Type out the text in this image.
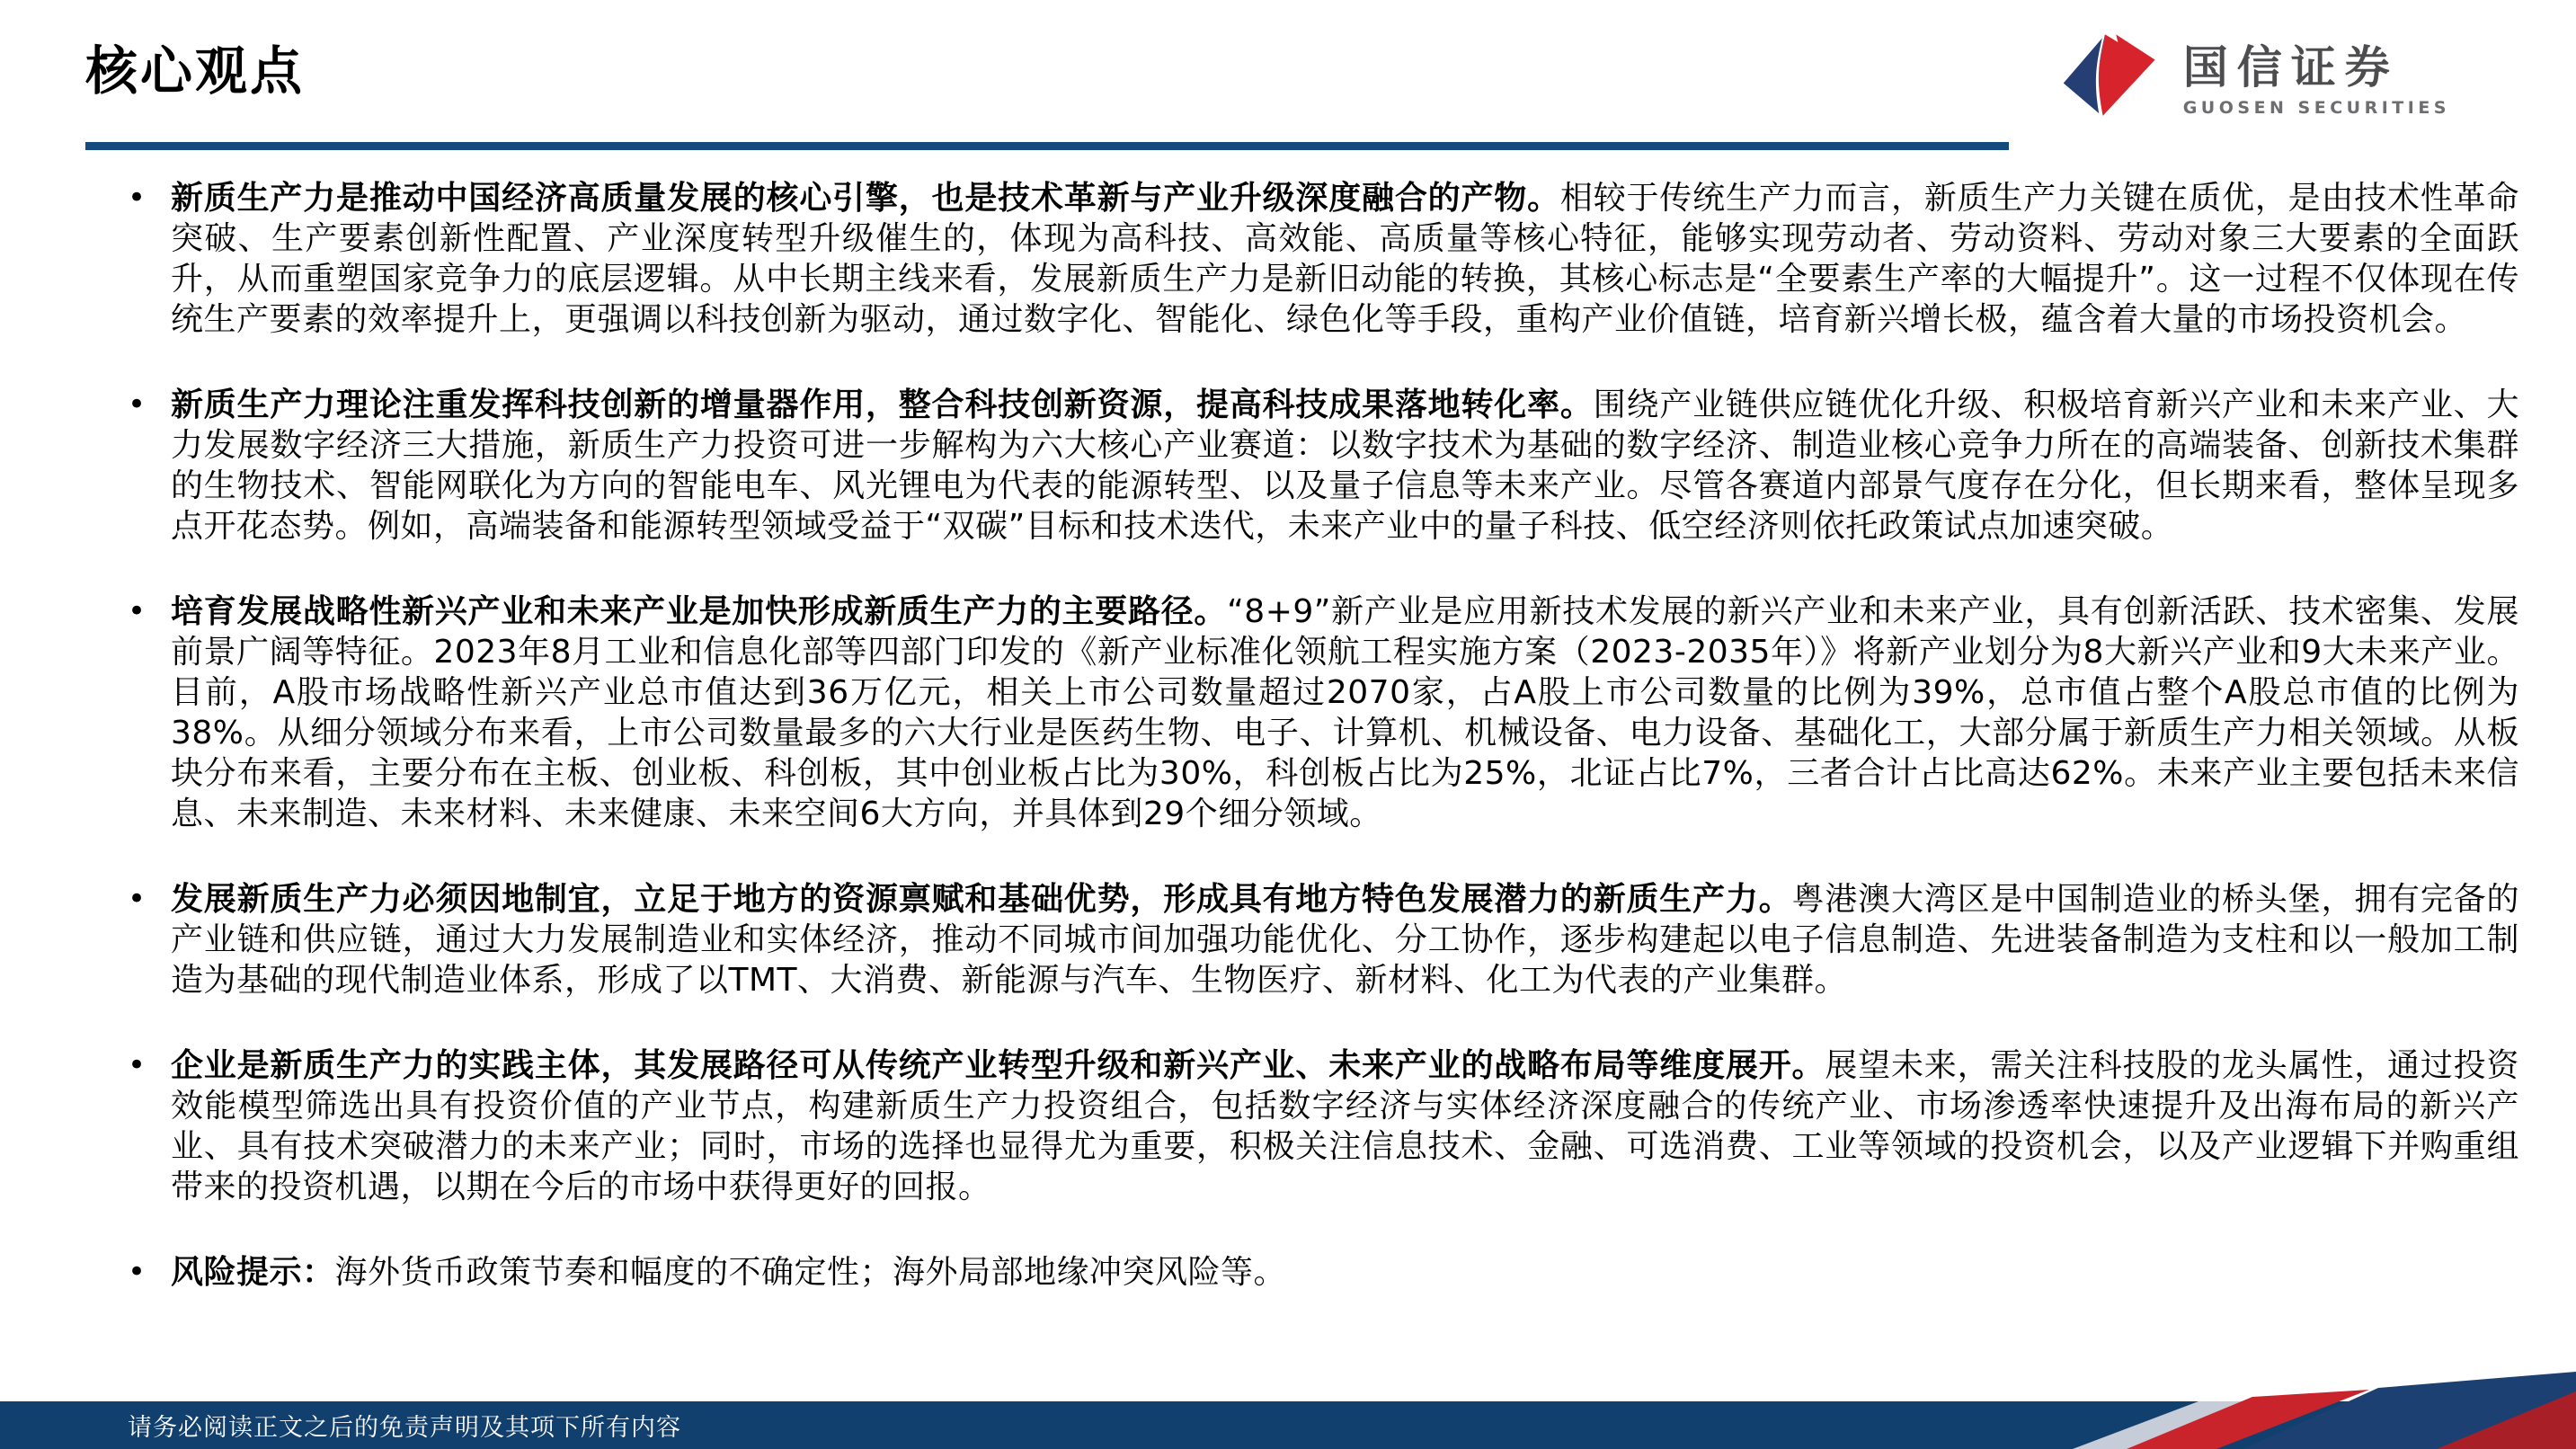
核心观点	国信证券
GUOSEN SECURITIES
• 新质生产力是推动中国经济高质量发展的核心引擎，也是技术革新与产业升级深度融合的产物。相较于传统生产力而言，新质生产力关键在质优，是由技术性革命突破、生产要素创新性配置、产业深度转型升级催生的，体现为高科技、高效能、高质量等核心特征，能够实现劳动者、劳动资料、劳动对象三大要素的全面跃升，从而重塑国家竞争力的底层逻辑。从中长期主线来看，发展新质生产力是新旧动能的转换，其核心标志是“全要素生产率的大幅提升”。这一过程不仅体现在传统生产要素的效率提升上，更强调以科技创新为驱动，通过数字化、智能化、绿色化等手段，重构产业价值链，培育新兴增长极，蕴含着大量的市场投资机会。

• 新质生产力理论注重发挥科技创新的增量器作用，整合科技创新资源，提高科技成果落地转化率。围绕产业链供应链优化升级、积极培育新兴产业和未来产业、大力发展数字经济三大措施，新质生产力投资可进一步解构为六大核心产业赛道：以数字技术为基础的数字经济、制造业核心竞争力所在的高端装备、创新技术集群的生物技术、智能网联化为方向的智能电车、风光锂电为代表的能源转型、以及量子信息等未来产业。尽管各赛道内部景气度存在分化，但长期来看，整体呈现多点开花态势。例如，高端装备和能源转型领域受益于“双碳”目标和技术迭代，未来产业中的量子科技、低空经济则依托政策试点加速突破。

• 培育发展战略性新兴产业和未来产业是加快形成新质生产力的主要路径。“8+9”新产业是应用新技术发展的新兴产业和未来产业，具有创新活跃、技术密集、发展前景广阔等特征。2023年8月工业和信息化部等四部门印发的《新产业标准化领航工程实施方案（2023-2035年）》将新产业划分为8大新兴产业和9大未来产业。目前，A股市场战略性新兴产业总市值达到36万亿元，相关上市公司数量超过2070家，占A股上市公司数量的比例为39%，总市值占整个A股总市值的比例为38%。从细分领域分布来看，上市公司数量最多的六大行业是医药生物、电子、计算机、机械设备、电力设备、基础化工，大部分属于新质生产力相关领域。从板块分布来看，主要分布在主板、创业板、科创板，其中创业板占比为30%，科创板占比为25%，北证占比7%，三者合计占比高达62%。未来产业主要包括未来信息、未来制造、未来材料、未来健康、未来空间6大方向，并具体到29个细分领域。

• 发展新质生产力必须因地制宜，立足于地方的资源禀赋和基础优势，形成具有地方特色发展潜力的新质生产力。粤港澳大湾区是中国制造业的桥头堡，拥有完备的产业链和供应链，通过大力发展制造业和实体经济，推动不同城市间加强功能优化、分工协作，逐步构建起以电子信息制造、先进装备制造为支柱和以一般加工制造为基础的现代制造业体系，形成了以TMT、大消费、新能源与汽车、生物医疗、新材料、化工为代表的产业集群。

• 企业是新质生产力的实践主体，其发展路径可从传统产业转型升级和新兴产业、未来产业的战略布局等维度展开。展望未来，需关注科技股的龙头属性，通过投资效能模型筛选出具有投资价值的产业节点，构建新质生产力投资组合，包括数字经济与实体经济深度融合的传统产业、市场渗透率快速提升及出海布局的新兴产业、具有技术突破潜力的未来产业；同时，市场的选择也显得尤为重要，积极关注信息技术、金融、可选消费、工业等领域的投资机会，以及产业逻辑下并购重组带来的投资机遇，以期在今后的市场中获得更好的回报。

• 风险提示：海外货币政策节奏和幅度的不确定性；海外局部地缘冲突风险等。

请务必阅读正文之后的免责声明及其项下所有内容
